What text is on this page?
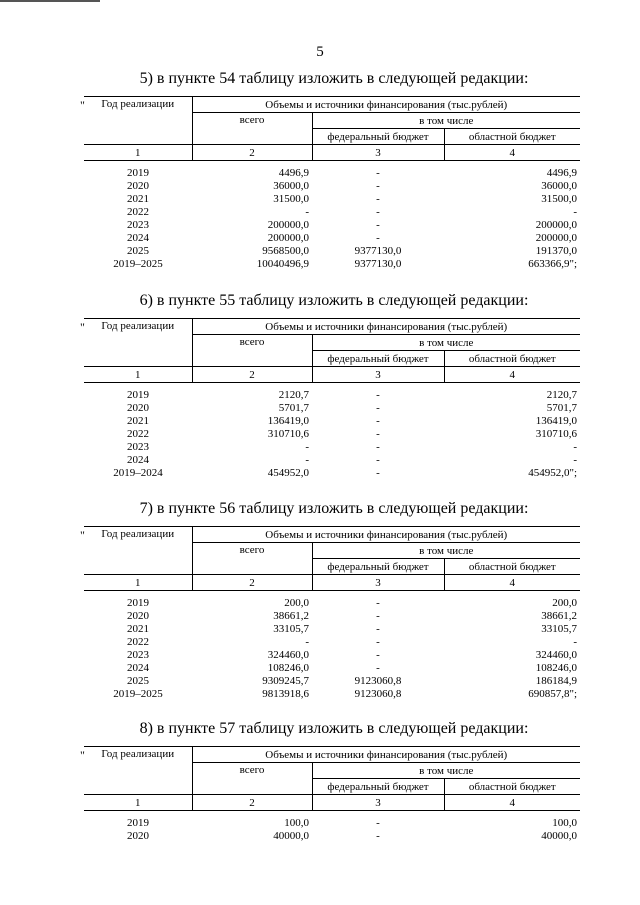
5
5) в пункте 54 таблицу изложить в следующей редакции:
" Год реализации	Объемы и источники финансирования (тыс.рублей)		
	всего	в том числе	
		федеральный бюджет	областной бюджет
1	2	3	4

2019	4496,9	-	4496,9
2020	36000,0	-	36000,0
2021	31500,0	-	31500,0
2022	-	-	-
2023	200000,0	-	200000,0
2024	200000,0	-	200000,0
2025	9568500,0	9377130,0	191370,0
2019–2025	10040496,9	9377130,0	663366,9";
6) в пункте 55 таблицу изложить в следующей редакции:
" Год реализации	Объемы и источники финансирования (тыс.рублей)		
	всего	в том числе	
		федеральный бюджет	областной бюджет
1	2	3	4

2019	2120,7	-	2120,7
2020	5701,7	-	5701,7
2021	136419,0	-	136419,0
2022	310710,6	-	310710,6
2023	-	-	-
2024	-	-	-
2019–2024	454952,0	-	454952,0";
7) в пункте 56 таблицу изложить в следующей редакции:
" Год реализации	Объемы и источники финансирования (тыс.рублей)		
	всего	в том числе	
		федеральный бюджет	областной бюджет
1	2	3	4

2019	200,0	-	200,0
2020	38661,2	-	38661,2
2021	33105,7	-	33105,7
2022	-	-	-
2023	324460,0	-	324460,0
2024	108246,0	-	108246,0
2025	9309245,7	9123060,8	186184,9
2019–2025	9813918,6	9123060,8	690857,8";
8) в пункте 57 таблицу изложить в следующей редакции:
" Год реализации	Объемы и источники финансирования (тыс.рублей)		
	всего	в том числе	
		федеральный бюджет	областной бюджет
1	2	3	4

2019	100,0	-	100,0
2020	40000,0	-	40000,0
